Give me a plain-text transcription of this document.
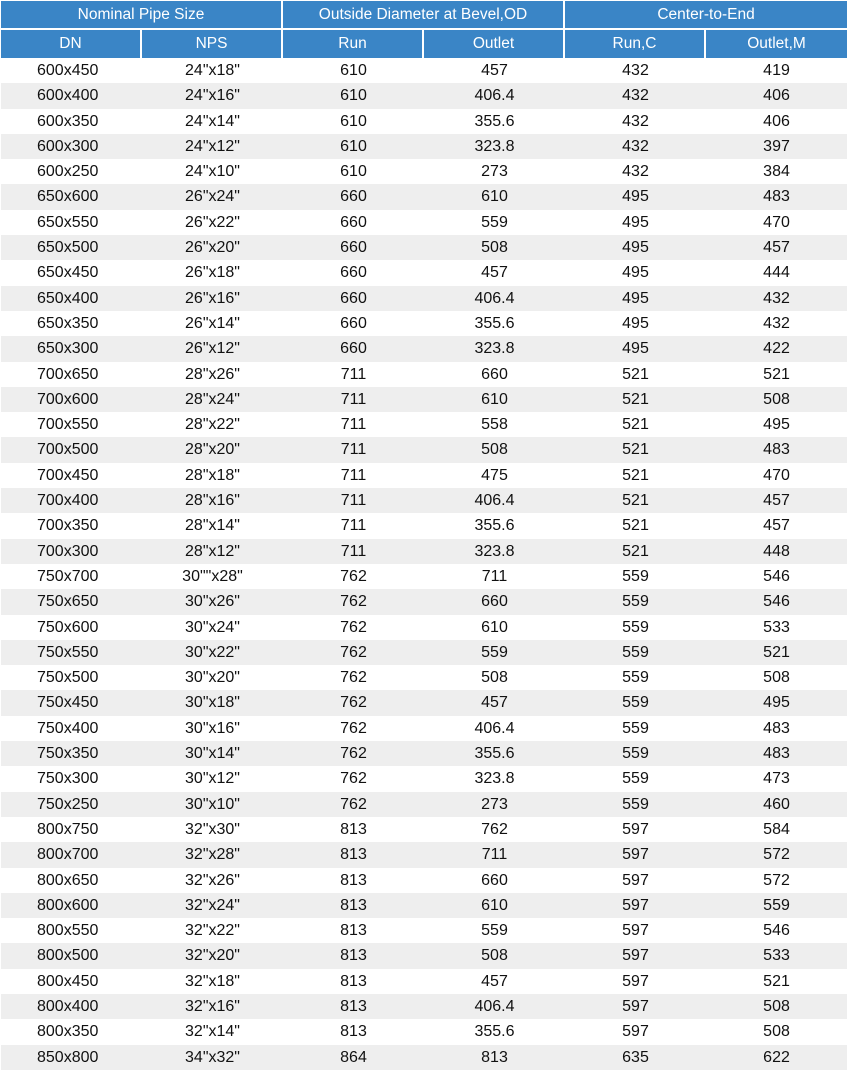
Nominal Pipe Size		Outside Diameter at Bevel,OD		Center-to-End	
DN	NPS	Run	Outlet	Run,C	Outlet,M
600x450	24"x18"	610	457	432	419
600x400	24"x16"	610	406.4	432	406
600x350	24"x14"	610	355.6	432	406
600x300	24"x12"	610	323.8	432	397
600x250	24"x10"	610	273	432	384
650x600	26"x24"	660	610	495	483
650x550	26"x22"	660	559	495	470
650x500	26"x20"	660	508	495	457
650x450	26"x18"	660	457	495	444
650x400	26"x16"	660	406.4	495	432
650x350	26"x14"	660	355.6	495	432
650x300	26"x12"	660	323.8	495	422
700x650	28"x26"	711	660	521	521
700x600	28"x24"	711	610	521	508
700x550	28"x22"	711	558	521	495
700x500	28"x20"	711	508	521	483
700x450	28"x18"	711	475	521	470
700x400	28"x16"	711	406.4	521	457
700x350	28"x14"	711	355.6	521	457
700x300	28"x12"	711	323.8	521	448
750x700	30""x28"	762	711	559	546
750x650	30"x26"	762	660	559	546
750x600	30"x24"	762	610	559	533
750x550	30"x22"	762	559	559	521
750x500	30"x20"	762	508	559	508
750x450	30"x18"	762	457	559	495
750x400	30"x16"	762	406.4	559	483
750x350	30"x14"	762	355.6	559	483
750x300	30"x12"	762	323.8	559	473
750x250	30"x10"	762	273	559	460
800x750	32"x30"	813	762	597	584
800x700	32"x28"	813	711	597	572
800x650	32"x26"	813	660	597	572
800x600	32"x24"	813	610	597	559
800x550	32"x22"	813	559	597	546
800x500	32"x20"	813	508	597	533
800x450	32"x18"	813	457	597	521
800x400	32"x16"	813	406.4	597	508
800x350	32"x14"	813	355.6	597	508
850x800	34"x32"	864	813	635	622
